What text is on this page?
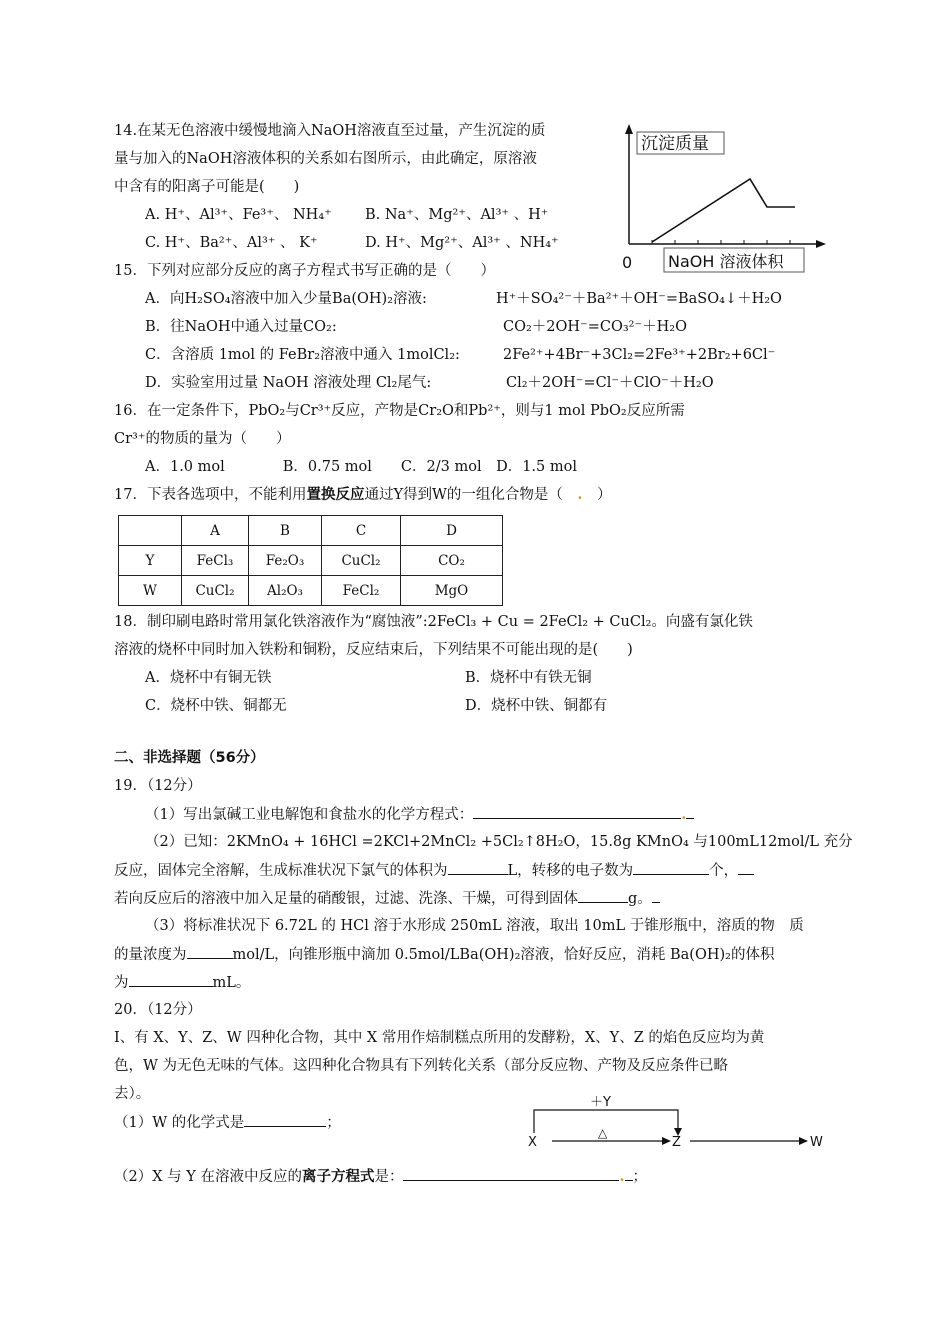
14.在某无色溶液中缓慢地滴入NaOH溶液直至过量，产生沉淀的质
量与加入的NaOH溶液体积的关系如右图所示，由此确定，原溶液
中含有的阳离子可能是(　　)
A. H⁺、Al³⁺、Fe³⁺、 NH₄⁺ B. Na⁺、Mg²⁺、Al³⁺ 、H⁺
C. H⁺、Ba²⁺、Al³⁺ 、 K⁺	D. H⁺、Mg²⁺、Al³⁺ 、NH₄⁺
沉淀质量
NaOH 溶液体积
0
15．下列对应部分反应的离子方程式书写正确的是（　　）
A．向H₂SO₄溶液中加入少量Ba(OH)₂溶液:	H⁺＋SO₄²⁻＋Ba²⁺＋OH⁻=BaSO₄↓＋H₂O
B．往NaOH中通入过量CO₂:	CO₂＋2OH⁻=CO₃²⁻＋H₂O
C．含溶质 1mol 的 FeBr₂溶液中通入 1molCl₂:	2Fe²⁺+4Br⁻+3Cl₂=2Fe³⁺+2Br₂+6Cl⁻
D．实验室用过量 NaOH 溶液处理 Cl₂尾气:	Cl₂＋2OH⁻=Cl⁻＋ClO⁻＋H₂O
16．在一定条件下，PbO₂与Cr³⁺反应，产物是Cr₂O和Pb²⁺，则与1 mol PbO₂反应所需
Cr³⁺的物质的量为（　　）
A．1.0 mol　　　　B．0.75 mol　　C．2/3 mol　D．1.5 mol
17．下表各选项中，不能利用置换反应通过Y得到W的一组化合物是（　.　）
	A	B	C	D
Y	FeCl₃	Fe₂O₃	CuCl₂	CO₂
W	CuCl₂	Al₂O₃	FeCl₂	MgO
18．制印刷电路时常用氯化铁溶液作为“腐蚀液”:2FeCl₃ + Cu = 2FeCl₂ + CuCl₂。向盛有氯化铁
溶液的烧杯中同时加入铁粉和铜粉，反应结束后，下列结果不可能出现的是(　　)
A．烧杯中有铜无铁	B．烧杯中有铁无铜
C．烧杯中铁、铜都无	D．烧杯中铁、铜都有
二、非选择题（56分）
19．（12分）
（1）写出氯碱工业电解饱和食盐水的化学方程式：	.
（2）已知：2KMnO₄ + 16HCl =2KCl+2MnCl₂ +5Cl₂↑8H₂O，15.8g KMnO₄ 与100mL12mol/L 充分
反应，固体完全溶解，生成标准状况下氯气的体积为	L，转移的电子数为	个，
若向反应后的溶液中加入足量的硝酸银，过滤、洗涤、干燥，可得到固体	g。
（3）将标准状况下 6.72L 的 HCl 溶于水形成 250mL 溶液，取出 10mL 于锥形瓶中，溶质的物　质
的量浓度为	mol/L，向锥形瓶中滴加 0.5mol/LBa(OH)₂溶液，恰好反应，消耗 Ba(OH)₂的体积
为	mL。
20．（12分）
I、有 X、Y、Z、W 四种化合物，其中 X 常用作焙制糕点所用的发酵粉，X、Y、Z 的焰色反应均为黄
色，W 为无色无味的气体。这四种化合物具有下列转化关系（部分反应物、产物及反应条件已略
去）。
（1）W 的化学式是	；
＋Y
△
X	Z	W
（2）X 与 Y 在溶液中反应的离子方程式是：	. ；
